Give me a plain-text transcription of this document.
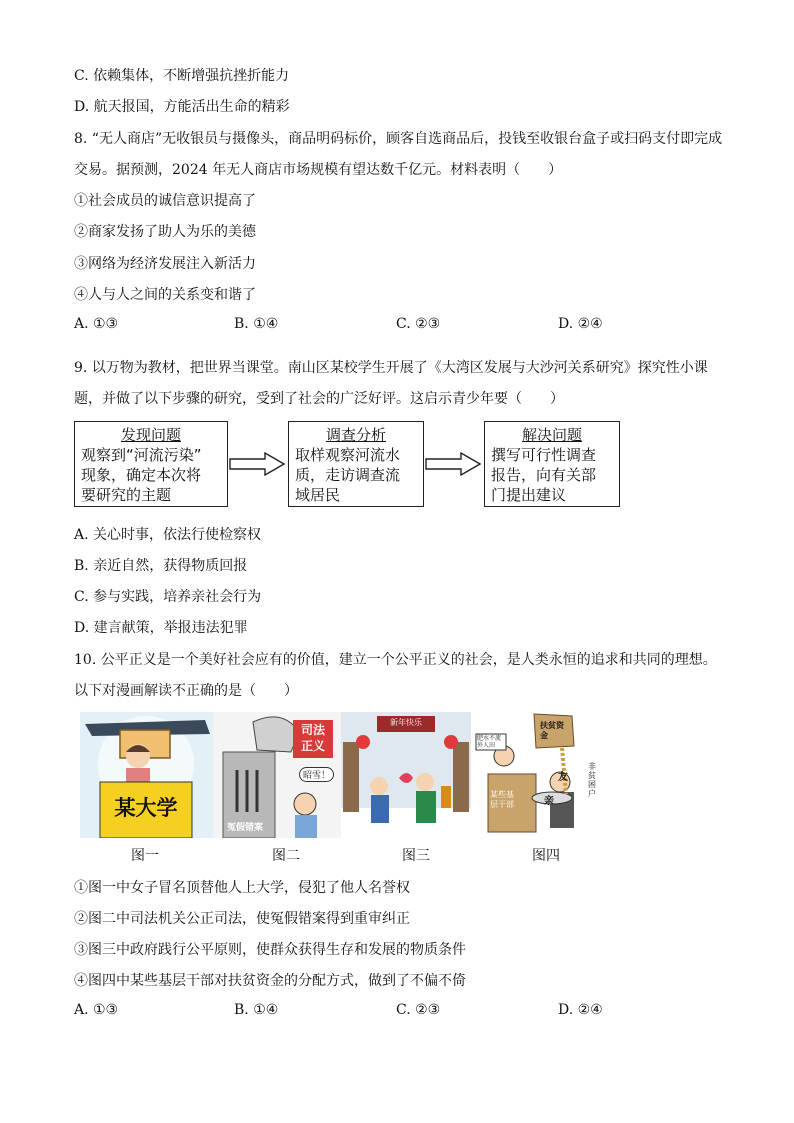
C. 依赖集体，不断增强抗挫折能力
D. 航天报国，方能活出生命的精彩
8. “无人商店”无收银员与摄像头，商品明码标价，顾客自选商品后，投钱至收银台盒子或扫码支付即完成
交易。据预测，2024 年无人商店市场规模有望达数千亿元。材料表明（　　）
①社会成员的诚信意识提高了
②商家发扬了助人为乐的美德
③网络为经济发展注入新活力
④人与人之间的关系变和谐了
A. ①③	B. ①④	C. ②③	D. ②④
9. 以万物为教材，把世界当课堂。南山区某校学生开展了《大湾区发展与大沙河关系研究》探究性小课
题，并做了以下步骤的研究，受到了社会的广泛好评。这启示青少年要（　　）
发现问题
观察到“河流污染”
现象，确定本次将
要研究的主题
调查分析
取样观察河流水
质，走访调查流
域居民
解决问题
撰写可行性调查
报告，向有关部
门提出建议
A. 关心时事，依法行使检察权
B. 亲近自然，获得物质回报
C. 参与实践，培养亲社会行为
D. 建言献策，举报违法犯罪
10. 公平正义是一个美好社会应有的价值，建立一个公平正义的社会，是人类永恒的追求和共同的理想。
以下对漫画解读不正确的是（　　）
某大学
司法正义
昭雪！
冤假错案
新年快乐	扶贫资金
肥水不流外人田
某些基层干部	亲
友
非贫困户
图一	图二	图三	图四
①图一中女子冒名顶替他人上大学，侵犯了他人名誉权
②图二中司法机关公正司法，使冤假错案得到重审纠正
③图三中政府践行公平原则，使群众获得生存和发展的物质条件
④图四中某些基层干部对扶贫资金的分配方式，做到了不偏不倚
A. ①③	B. ①④	C. ②③	D. ②④
